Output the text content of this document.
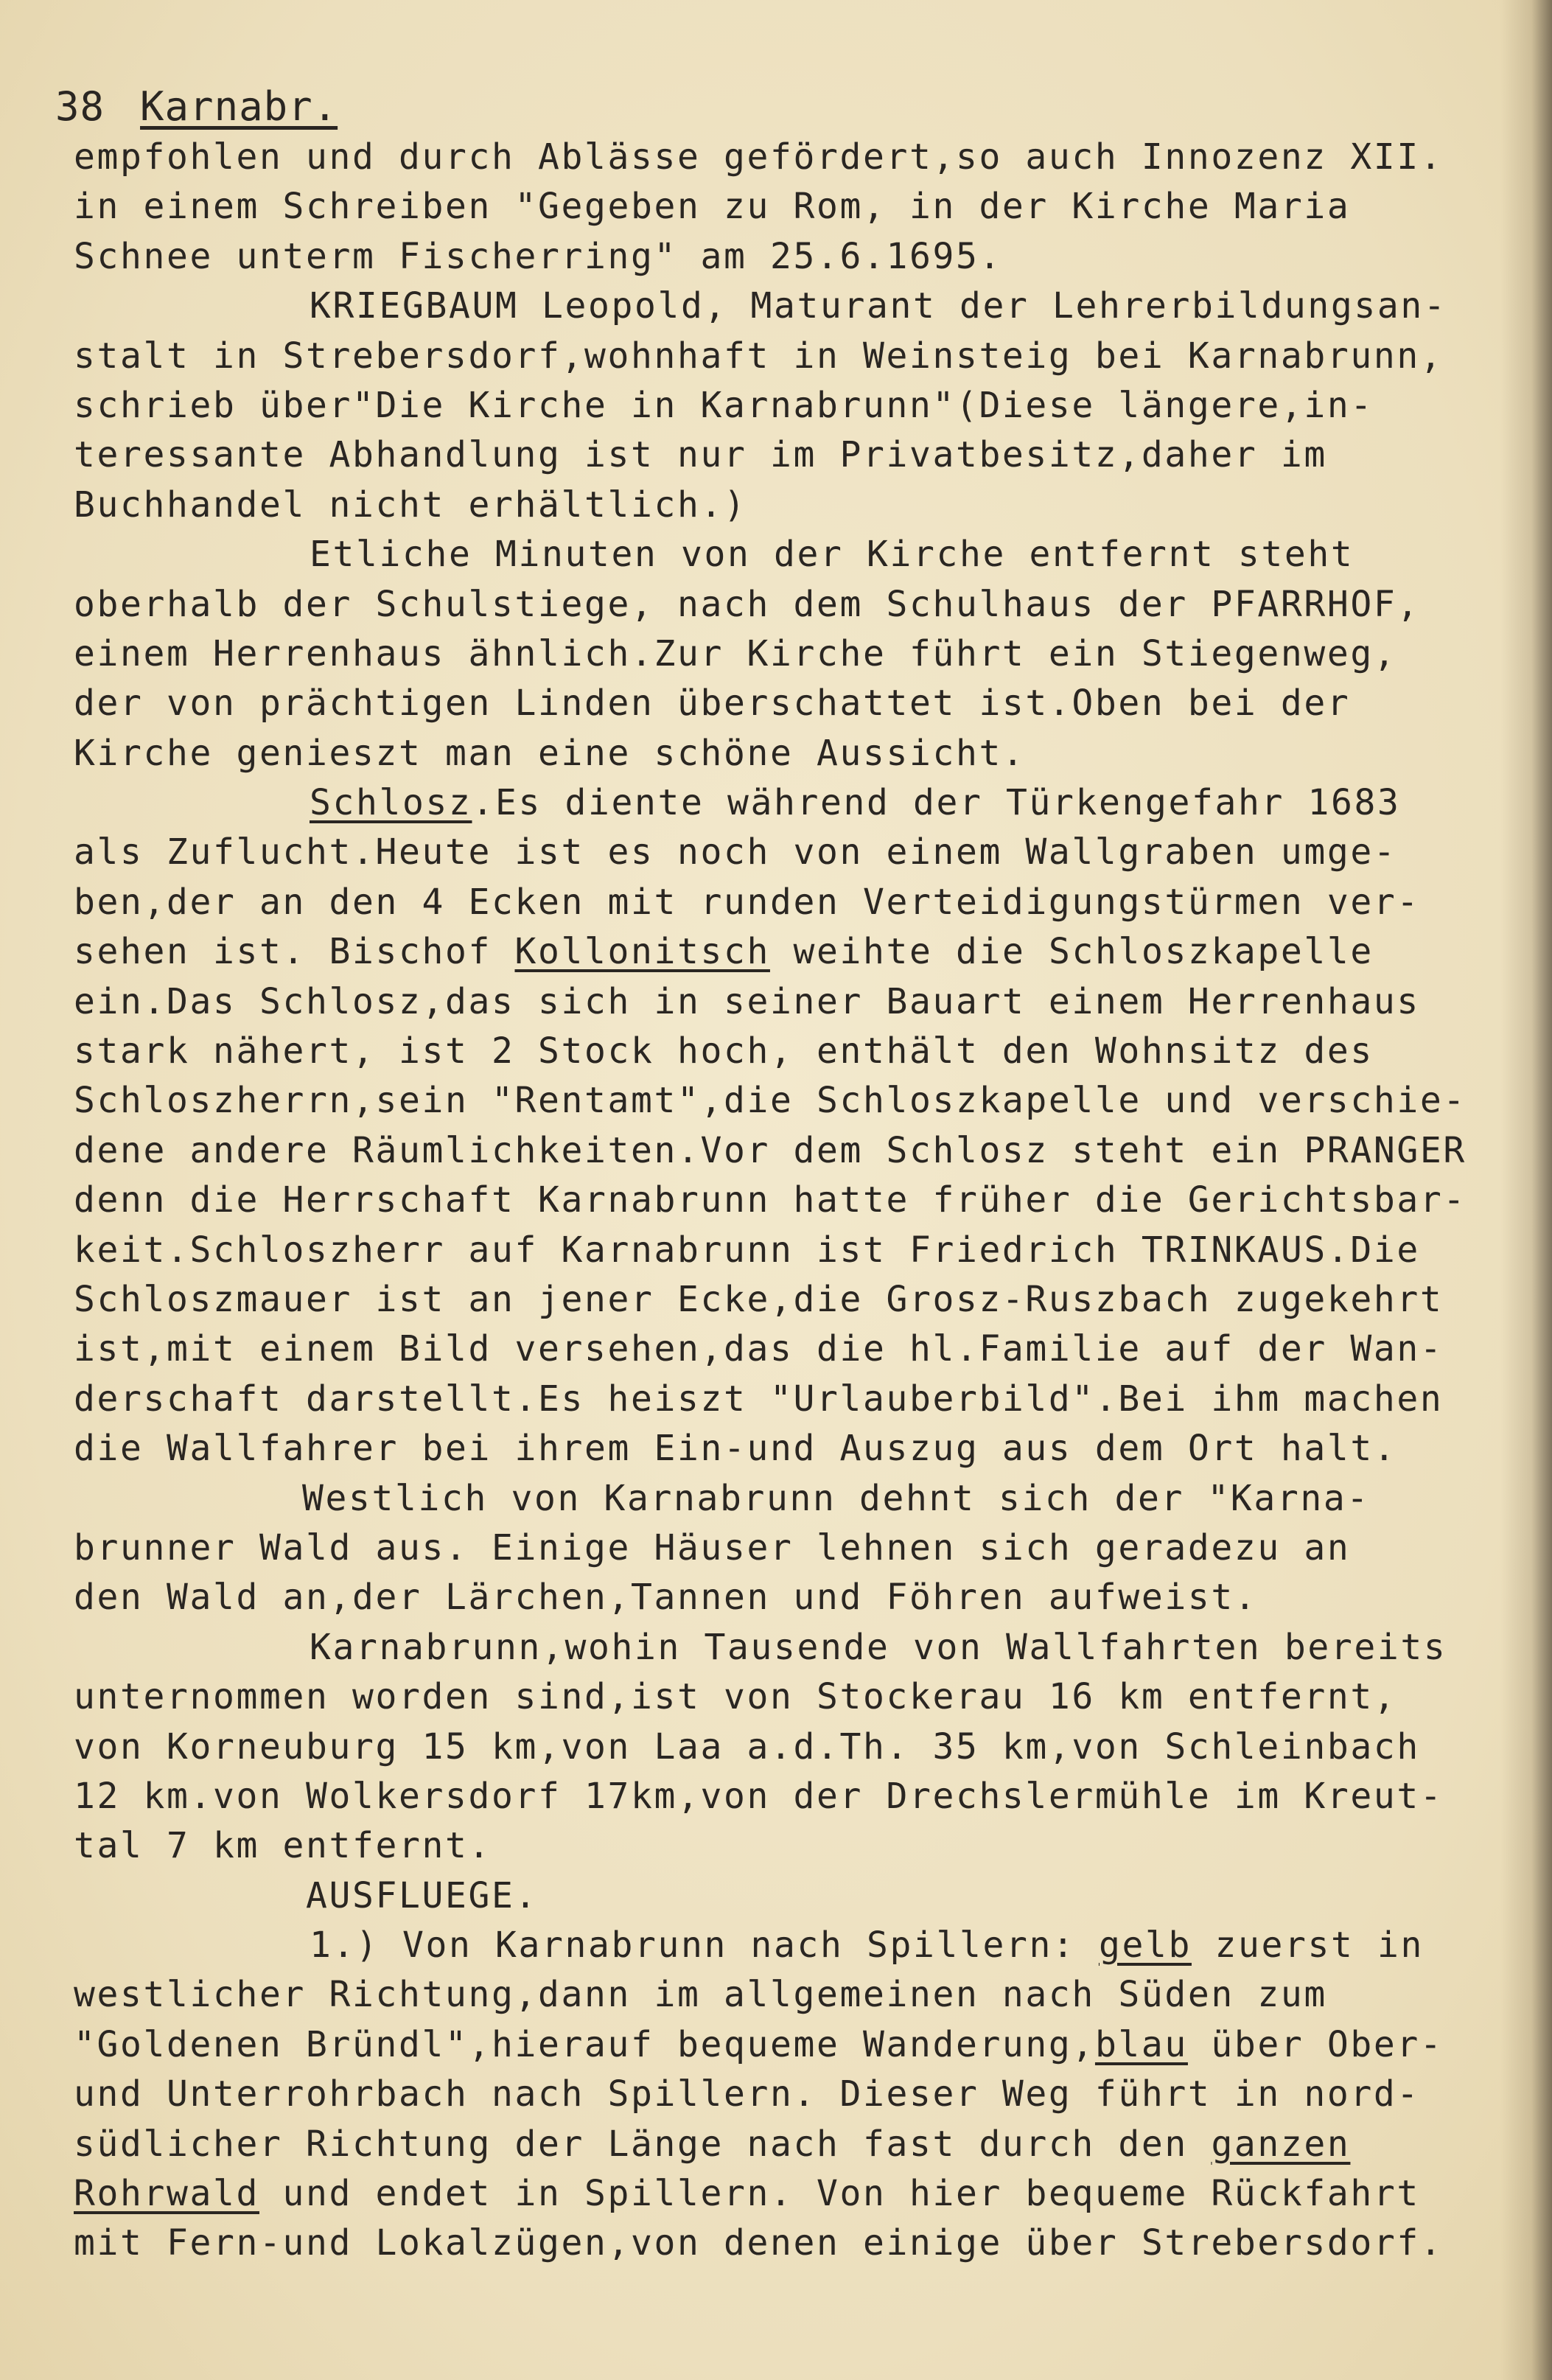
38 Karnabr.
empfohlen und durch Ablässe gefördert,so auch Innozenz XII.
in einem Schreiben "Gegeben zu Rom, in der Kirche Maria
Schnee unterm Fischerring" am 25.6.1695.
KRIEGBAUM Leopold, Maturant der Lehrerbildungsan-
stalt in Strebersdorf,wohnhaft in Weinsteig bei Karnabrunn,
schrieb über"Die Kirche in Karnabrunn"(Diese längere,in-
teressante Abhandlung ist nur im Privatbesitz,daher im
Buchhandel nicht erhältlich.)
Etliche Minuten von der Kirche entfernt steht
oberhalb der Schulstiege, nach dem Schulhaus der PFARRHOF,
einem Herrenhaus ähnlich.Zur Kirche führt ein Stiegenweg,
der von prächtigen Linden überschattet ist.Oben bei der
Kirche genieszt man eine schöne Aussicht.
Schlosz.Es diente während der Türkengefahr 1683
als Zuflucht.Heute ist es noch von einem Wallgraben umge-
ben,der an den 4 Ecken mit runden Verteidigungstürmen ver-
sehen ist. Bischof Kollonitsch weihte die Schloszkapelle
ein.Das Schlosz,das sich in seiner Bauart einem Herrenhaus
stark nähert, ist 2 Stock hoch, enthält den Wohnsitz des
Schloszherrn,sein "Rentamt",die Schloszkapelle und verschie-
dene andere Räumlichkeiten.Vor dem Schlosz steht ein PRANGER
denn die Herrschaft Karnabrunn hatte früher die Gerichtsbar-
keit.Schloszherr auf Karnabrunn ist Friedrich TRINKAUS.Die
Schloszmauer ist an jener Ecke,die Grosz-Ruszbach zugekehrt
ist,mit einem Bild versehen,das die hl.Familie auf der Wan-
derschaft darstellt.Es heiszt "Urlauberbild".Bei ihm machen
die Wallfahrer bei ihrem Ein-und Auszug aus dem Ort halt.
Westlich von Karnabrunn dehnt sich der "Karna-
brunner Wald aus. Einige Häuser lehnen sich geradezu an
den Wald an,der Lärchen,Tannen und Föhren aufweist.
Karnabrunn,wohin Tausende von Wallfahrten bereits
unternommen worden sind,ist von Stockerau 16 km entfernt,
von Korneuburg 15 km,von Laa a.d.Th. 35 km,von Schleinbach
12 km.von Wolkersdorf 17km,von der Drechslermühle im Kreut-
tal 7 km entfernt.
AUSFLUEGE.
1.) Von Karnabrunn nach Spillern: gelb zuerst in
westlicher Richtung,dann im allgemeinen nach Süden zum
"Goldenen Bründl",hierauf bequeme Wanderung,blau über Ober-
und Unterrohrbach nach Spillern. Dieser Weg führt in nord-
südlicher Richtung der Länge nach fast durch den ganzen
Rohrwald und endet in Spillern. Von hier bequeme Rückfahrt
mit Fern-und Lokalzügen,von denen einige über Strebersdorf.
